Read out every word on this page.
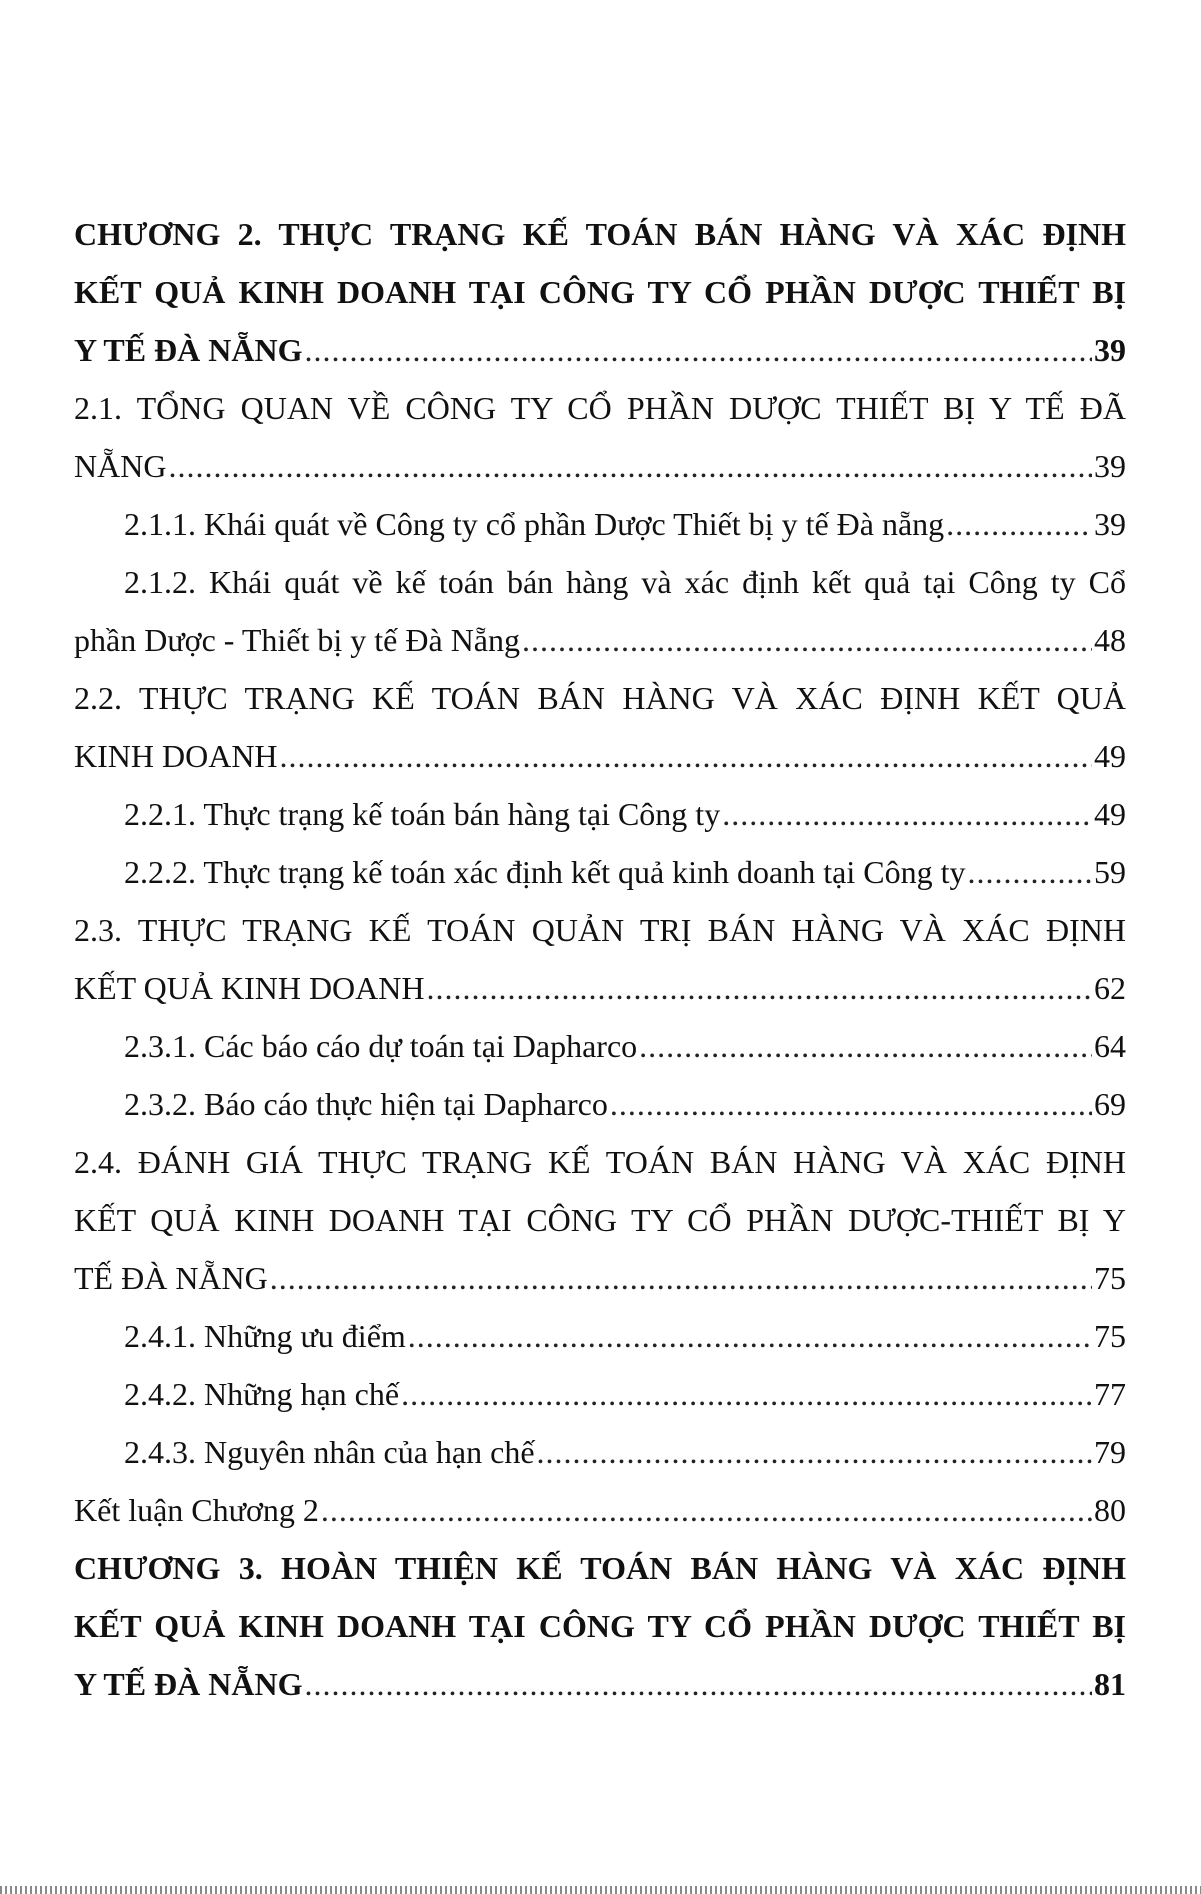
CHƯƠNG 2. THỰC TRẠNG KẾ TOÁN BÁN HÀNG VÀ XÁC ĐỊNH
KẾT QUẢ KINH DOANH TẠI CÔNG TY CỔ PHẦN DƯỢC THIẾT BỊ
Y TẾ ĐÀ NẴNG .....	39
2.1. TỔNG QUAN VỀ CÔNG TY CỔ PHẦN DƯỢC THIẾT BỊ Y TẾ ĐÃ
NẴNG .....	39
2.1.1. Khái quát về Công ty cổ phần Dược Thiết bị y tế Đà nẵng .....	39
2.1.2. Khái quát về kế toán bán hàng và xác định kết quả tại Công ty Cổ
phần Dược - Thiết bị y tế Đà Nẵng .....	48
2.2. THỰC TRẠNG KẾ TOÁN BÁN HÀNG VÀ XÁC ĐỊNH KẾT QUẢ
KINH DOANH .....	49
2.2.1. Thực trạng kế toán bán hàng tại Công ty .....	49
2.2.2. Thực trạng kế toán xác định kết quả kinh doanh tại Công ty .....	59
2.3. THỰC TRẠNG KẾ TOÁN QUẢN TRỊ BÁN HÀNG VÀ XÁC ĐỊNH
KẾT QUẢ KINH DOANH .....	62
2.3.1. Các báo cáo dự toán tại Dapharco .....	64
2.3.2. Báo cáo thực hiện tại Dapharco .....	69
2.4. ĐÁNH GIÁ THỰC TRẠNG KẾ TOÁN BÁN HÀNG VÀ XÁC ĐỊNH
KẾT QUẢ KINH DOANH TẠI CÔNG TY CỔ PHẦN DƯỢC-THIẾT BỊ Y
TẾ ĐÀ NẴNG .....	75
2.4.1. Những ưu điểm .....	75
2.4.2. Những hạn chế .....	77
2.4.3. Nguyên nhân của hạn chế .....	79
Kết luận Chương 2 .....	80
CHƯƠNG 3. HOÀN THIỆN KẾ TOÁN BÁN HÀNG VÀ XÁC ĐỊNH
KẾT QUẢ KINH DOANH TẠI CÔNG TY CỔ PHẦN DƯỢC THIẾT BỊ
Y TẾ ĐÀ NẴNG .....	81
